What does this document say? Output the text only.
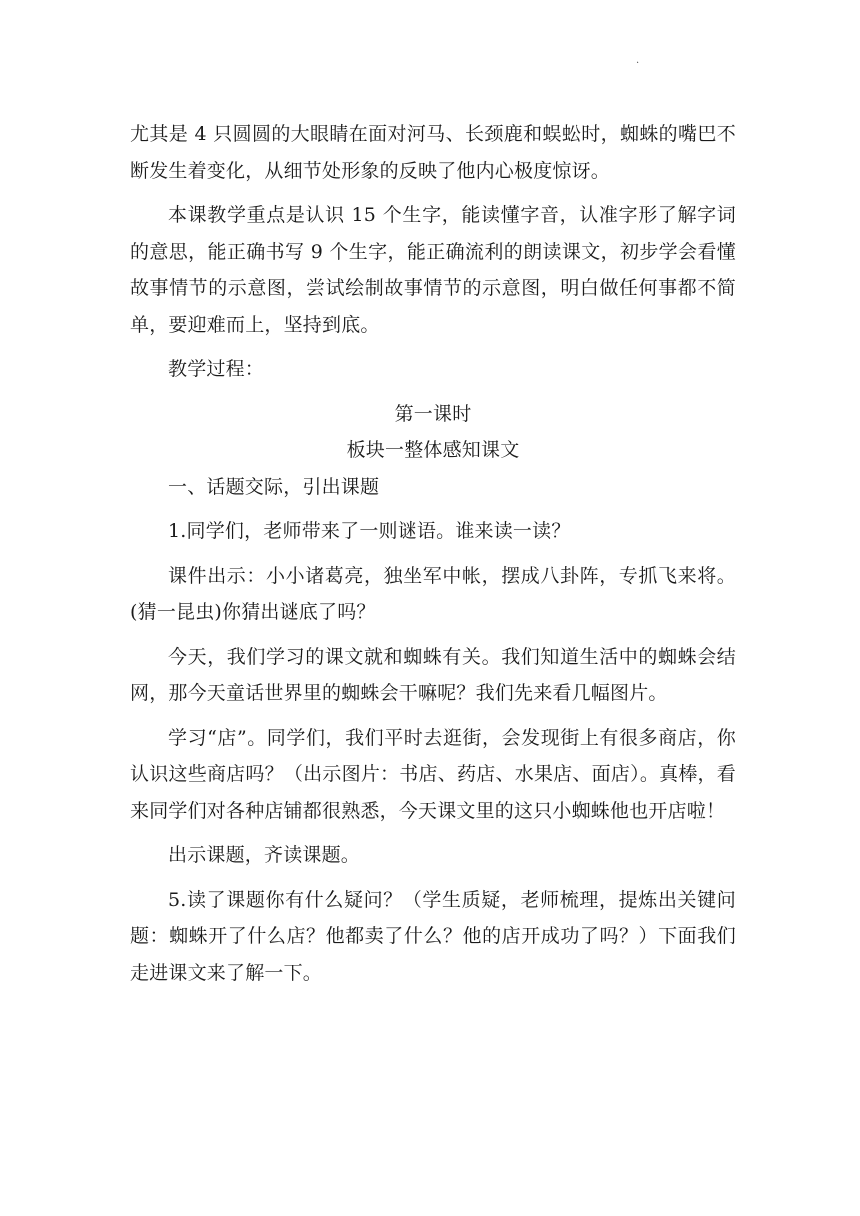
.

尤其是 4 只圆圆的大眼睛在面对河马、长颈鹿和蜈蚣时，蜘蛛的嘴巴不断发生着变化，从细节处形象的反映了他内心极度惊讶。

本课教学重点是认识 15 个生字，能读懂字音，认准字形了解字词的意思，能正确书写 9 个生字，能正确流利的朗读课文，初步学会看懂故事情节的示意图，尝试绘制故事情节的示意图，明白做任何事都不简单，要迎难而上，坚持到底。

教学过程：

第一课时

板块一整体感知课文

一、话题交际，引出课题

1.同学们，老师带来了一则谜语。谁来读一读？

课件出示：小小诸葛亮，独坐军中帐，摆成八卦阵，专抓飞来将。(猜一昆虫)你猜出谜底了吗？

今天，我们学习的课文就和蜘蛛有关。我们知道生活中的蜘蛛会结网，那今天童话世界里的蜘蛛会干嘛呢？我们先来看几幅图片。

学习“店”。同学们，我们平时去逛街，会发现街上有很多商店，你认识这些商店吗？（出示图片：书店、药店、水果店、面店）。真棒，看来同学们对各种店铺都很熟悉，今天课文里的这只小蜘蛛他也开店啦！

出示课题，齐读课题。

5.读了课题你有什么疑问？（学生质疑，老师梳理，提炼出关键问题：蜘蛛开了什么店？他都卖了什么？他的店开成功了吗？）下面我们走进课文来了解一下。
